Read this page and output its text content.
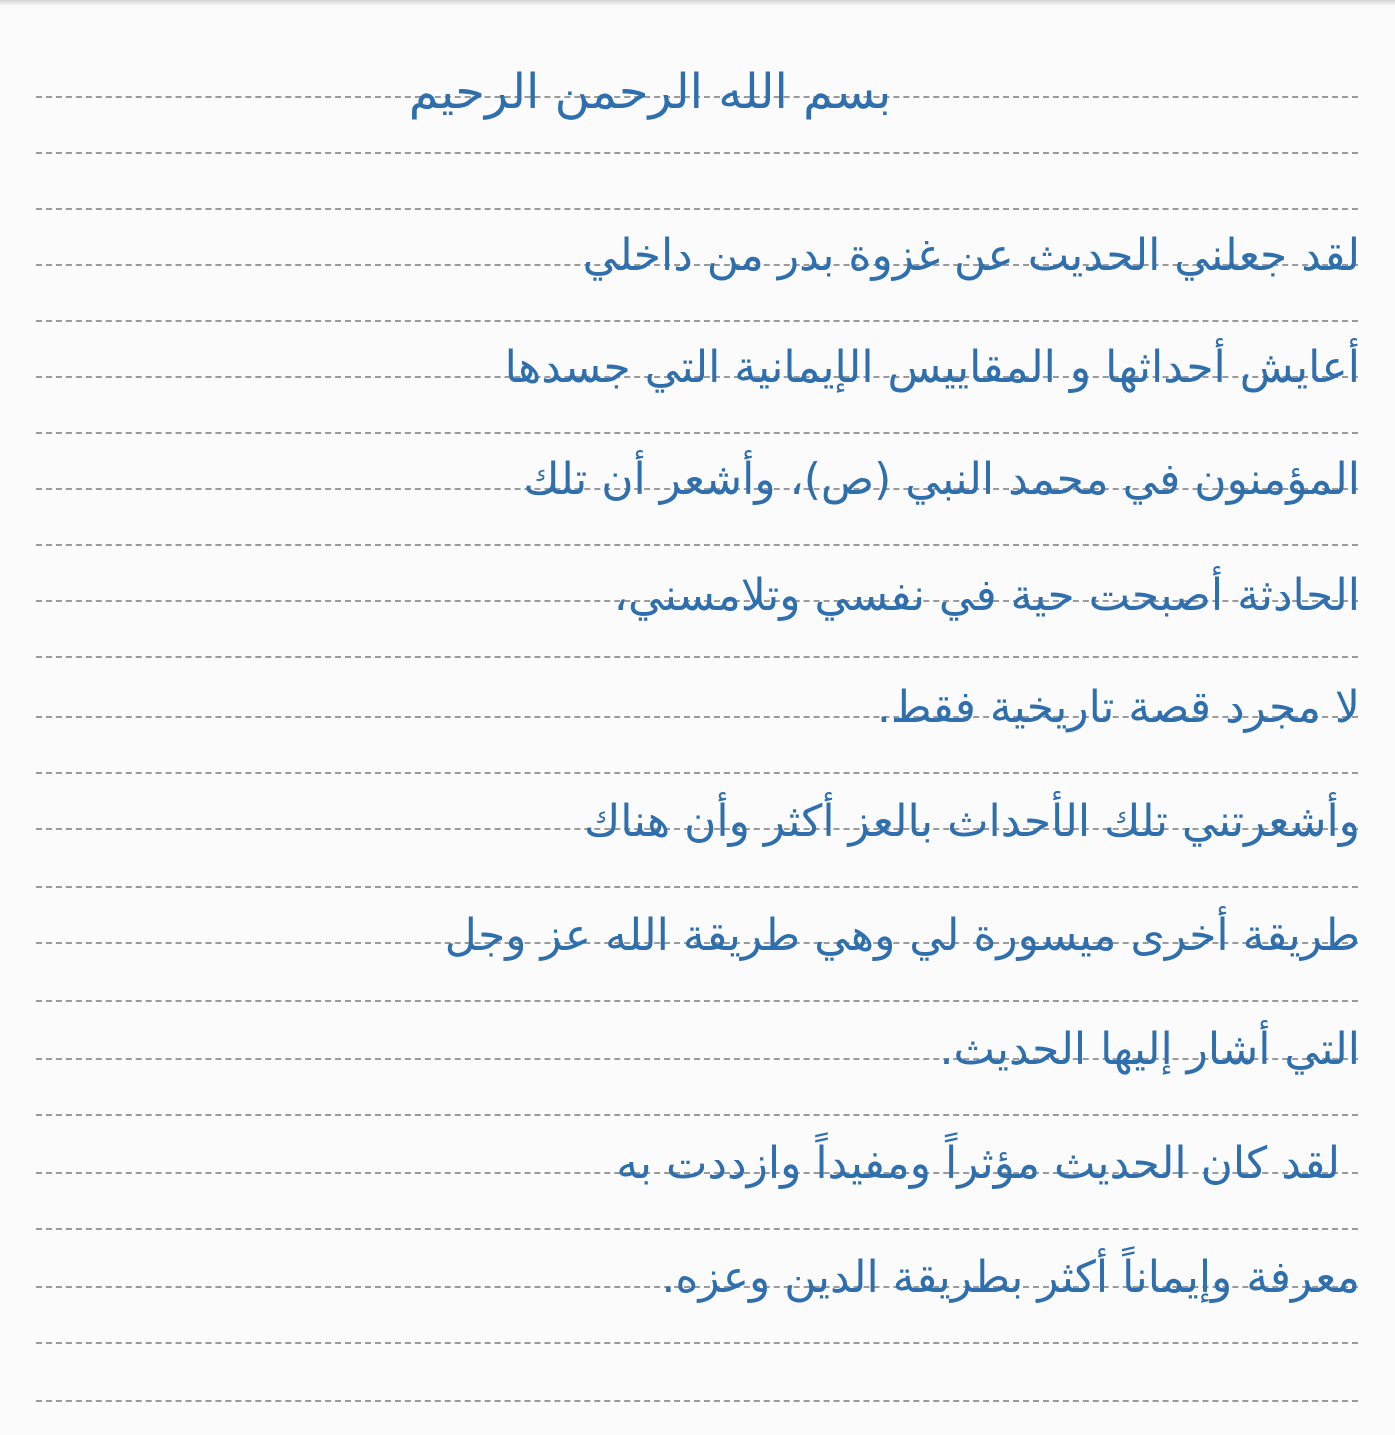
بسم الله الرحمن الرحيم
لقد جعلني الحديث عن غزوة بدر من داخلي
أعايش أحداثها و المقاييس الإيمانية التي جسدها
المؤمنون في محمد النبي (ص)، وأشعر أن تلك
الحادثة أصبحت حية في نفسي وتلامسني،
لا مجرد قصة تاريخية فقط.
وأشعرتني تلك الأحداث بالعز أكثر وأن هناك
طريقة أخرى ميسورة لي وهي طريقة الله عز وجل
التي أشار إليها الحديث.
لقد كان الحديث مؤثراً ومفيداً وازددت به
معرفة وإيماناً أكثر بطريقة الدين وعزه.
